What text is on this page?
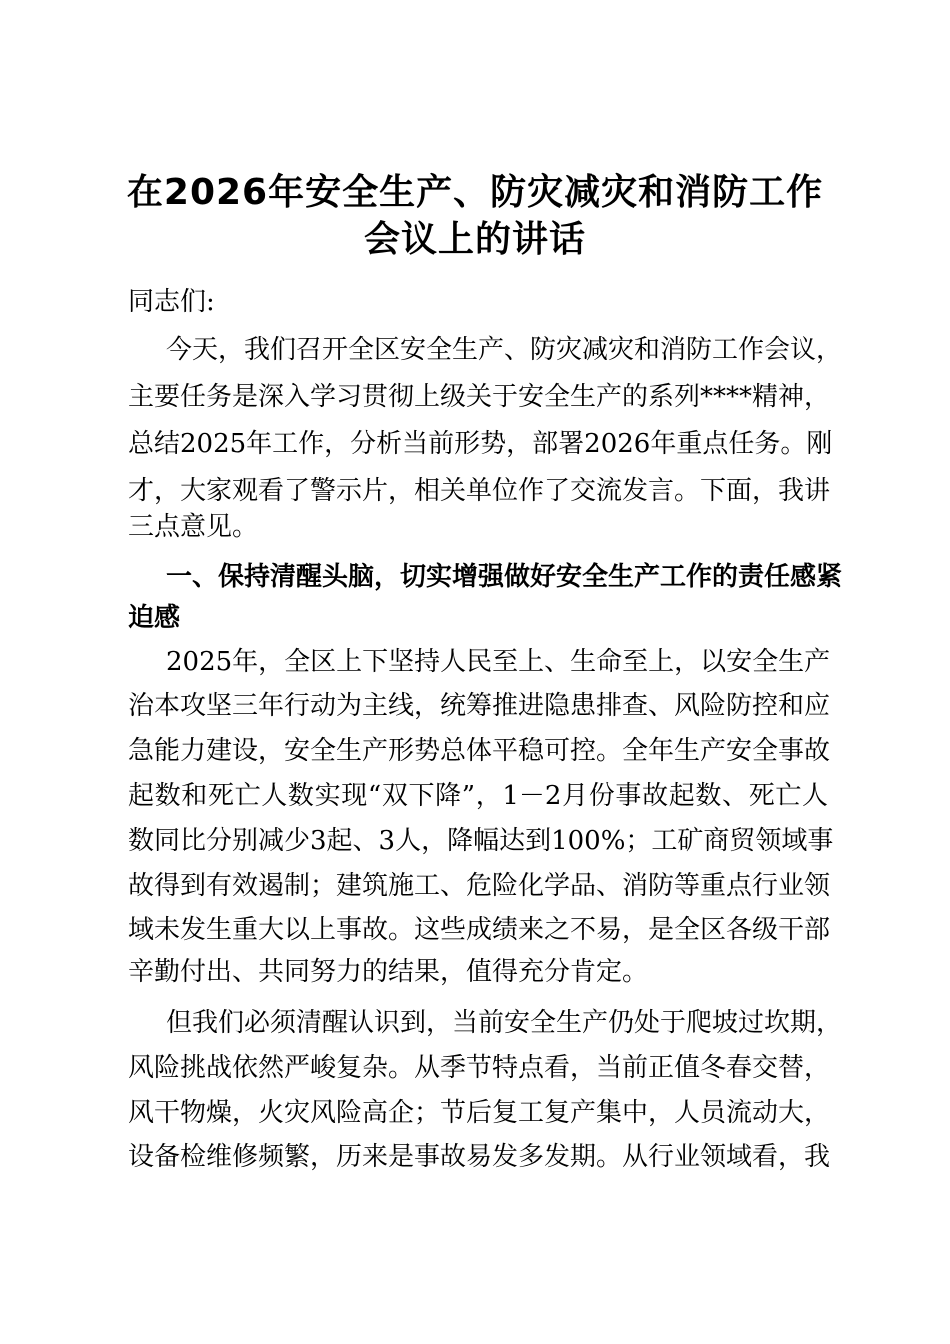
在2026年安全生产、防灾减灾和消防工作
会议上的讲话
同志们:
今天，我们召开全区安全生产、防灾减灾和消防工作会议，
主要任务是深入学习贯彻上级关于安全生产的系列****精神，
总结2025年工作，分析当前形势，部署2026年重点任务。刚
才，大家观看了警示片，相关单位作了交流发言。下面，我讲
三点意见。
一、保持清醒头脑，切实增强做好安全生产工作的责任感紧
迫感
2025年，全区上下坚持人民至上、生命至上，以安全生产
治本攻坚三年行动为主线，统筹推进隐患排查、风险防控和应
急能力建设，安全生产形势总体平稳可控。全年生产安全事故
起数和死亡人数实现“双下降”，1－2月份事故起数、死亡人
数同比分别减少3起、3人，降幅达到100%；工矿商贸领域事
故得到有效遏制；建筑施工、危险化学品、消防等重点行业领
域未发生重大以上事故。这些成绩来之不易，是全区各级干部
辛勤付出、共同努力的结果，值得充分肯定。
但我们必须清醒认识到，当前安全生产仍处于爬坡过坎期，
风险挑战依然严峻复杂。从季节特点看，当前正值冬春交替，
风干物燥，火灾风险高企；节后复工复产集中，人员流动大，
设备检维修频繁，历来是事故易发多发期。从行业领域看，我
